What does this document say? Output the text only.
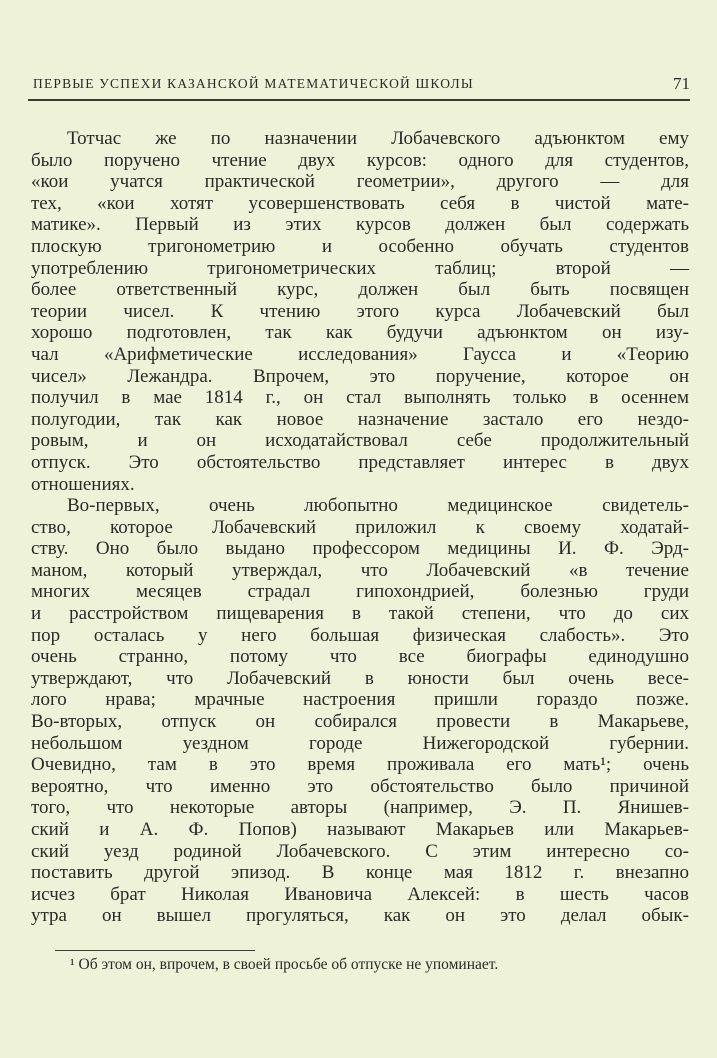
ПЕРВЫЕ УСПЕХИ КАЗАНСКОЙ МАТЕМАТИЧЕСКОЙ ШКОЛЫ	71
Тотчас же по назначении Лобачевского адъюнктом ему
было поручено чтение двух курсов: одного для студентов,
«кои учатся практической геометрии», другого — для
тех, «кои хотят усовершенствовать себя в чистой мате-
матике». Первый из этих курсов должен был содержать
плоскую тригонометрию и особенно обучать студентов
употреблению тригонометрических таблиц; второй —
более ответственный курс, должен был быть посвящен
теории чисел. К чтению этого курса Лобачевский был
хорошо подготовлен, так как будучи адъюнктом он изу-
чал «Арифметические исследования» Гаусса и «Теорию
чисел» Лежандра. Впрочем, это поручение, которое он
получил в мае 1814 г., он стал выполнять только в осеннем
полугодии, так как новое назначение застало его нездо-
ровым, и он исходатайствовал себе продолжительный
отпуск. Это обстоятельство представляет интерес в двух
отношениях.
Во-первых, очень любопытно медицинское свидетель-
ство, которое Лобачевский приложил к своему ходатай-
ству. Оно было выдано профессором медицины И. Ф. Эрд-
маном, который утверждал, что Лобачевский «в течение
многих месяцев страдал гипохондрией, болезнью груди
и расстройством пищеварения в такой степени, что до сих
пор осталась у него большая физическая слабость». Это
очень странно, потому что все биографы единодушно
утверждают, что Лобачевский в юности был очень весе-
лого нрава; мрачные настроения пришли гораздо позже.
Во-вторых, отпуск он собирался провести в Макарьеве,
небольшом уездном городе Нижегородской губернии.
Очевидно, там в это время проживала его мать¹; очень
вероятно, что именно это обстоятельство было причиной
того, что некоторые авторы (например, Э. П. Янишев-
ский и А. Ф. Попов) называют Макарьев или Макарьев-
ский уезд родиной Лобачевского. С этим интересно со-
поставить другой эпизод. В конце мая 1812 г. внезапно
исчез брат Николая Ивановича Алексей: в шесть часов
утра он вышел прогуляться, как он это делал обык-
¹ Об этом он, впрочем, в своей просьбе об отпуске не упоминает.
